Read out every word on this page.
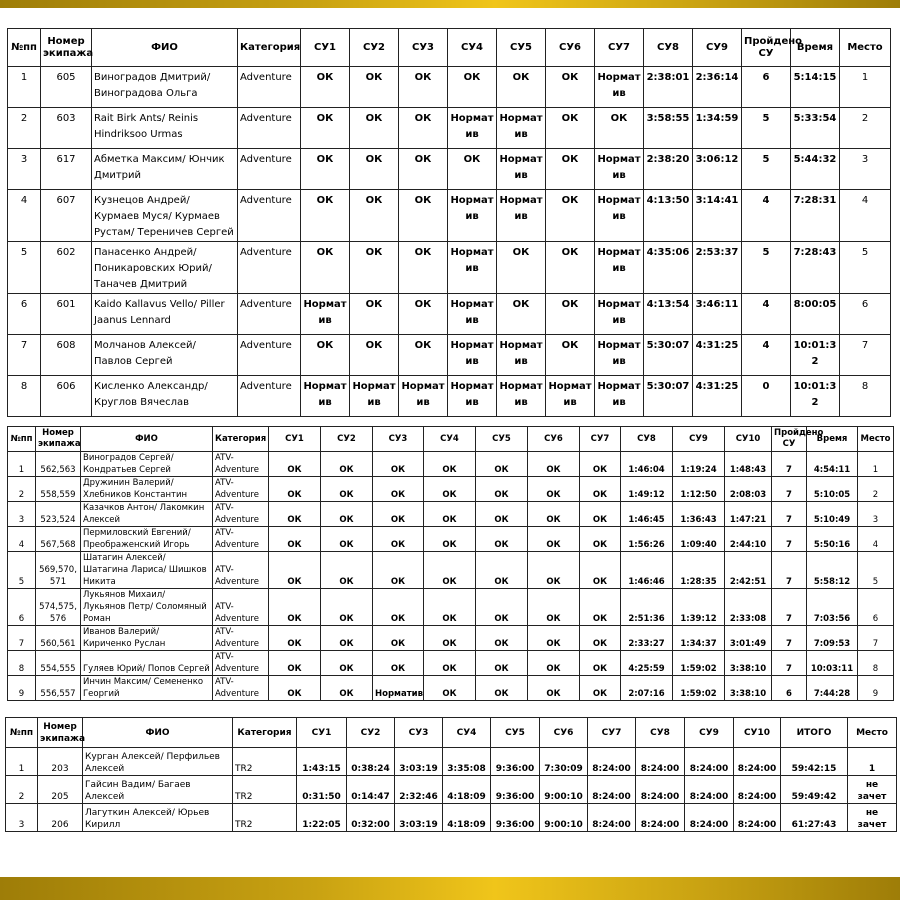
№пп	Номер экипажа	ФИО	Категория	СУ1	СУ2	СУ3	СУ4	СУ5	СУ6	СУ7	СУ8	СУ9	Пройдено СУ	Время	Место
1	605	Виноградов Дмитрий/ Виноградова Ольга	Adventure	ОК	ОК	ОК	ОК	ОК	ОК	Норматив	2:38:01	2:36:14	6	5:14:15	1
2	603	Rait Birk Ants/ Reinis Hindriksoo Urmas	Adventure	ОК	ОК	ОК	Норматив	Норматив	ОК	ОК	3:58:55	1:34:59	5	5:33:54	2
3	617	Абметка Максим/ Юнчик Дмитрий	Adventure	ОК	ОК	ОК	ОК	Норматив	ОК	Норматив	2:38:20	3:06:12	5	5:44:32	3
4	607	Кузнецов Андрей/ Курмаев Муся/ Курмаев Рустам/ Тереничев Сергей	Adventure	ОК	ОК	ОК	Норматив	Норматив	ОК	Норматив	4:13:50	3:14:41	4	7:28:31	4
5	602	Панасенко Андрей/ Поникаровских Юрий/ Таначев Дмитрий	Adventure	ОК	ОК	ОК	Норматив	ОК	ОК	Норматив	4:35:06	2:53:37	5	7:28:43	5
6	601	Kaido Kallavus Vello/ Piller Jaanus Lennard	Adventure	Норматив	ОК	ОК	Норматив	ОК	ОК	Норматив	4:13:54	3:46:11	4	8:00:05	6
7	608	Молчанов Алексей/ Павлов Сергей	Adventure	ОК	ОК	ОК	Норматив	Норматив	ОК	Норматив	5:30:07	4:31:25	4	10:01:32	7
8	606	Кисленко Александр/ Круглов Вячеслав	Adventure	Норматив	Норматив	Норматив	Норматив	Норматив	Норматив	Норматив	5:30:07	4:31:25	0	10:01:32	8
№пп	Номер экипажа	ФИО	Категория	СУ1	СУ2	СУ3	СУ4	СУ5	СУ6	СУ7	СУ8	СУ9	СУ10	Пройдено СУ	Время	Место
1	562,563	Виноградов Сергей/ Кондратьев Сергей	ATV-Adventure	ОК	ОК	ОК	ОК	ОК	ОК	ОК	1:46:04	1:19:24	1:48:43	7	4:54:11	1
2	558,559	Дружинин Валерий/ Хлебников Константин	ATV-Adventure	ОК	ОК	ОК	ОК	ОК	ОК	ОК	1:49:12	1:12:50	2:08:03	7	5:10:05	2
3	523,524	Казачков Антон/ Лакомкин Алексей	ATV-Adventure	ОК	ОК	ОК	ОК	ОК	ОК	ОК	1:46:45	1:36:43	1:47:21	7	5:10:49	3
4	567,568	Пермиловский Евгений/ Преображенский Игорь	ATV-Adventure	ОК	ОК	ОК	ОК	ОК	ОК	ОК	1:56:26	1:09:40	2:44:10	7	5:50:16	4
5	569,570,571	Шатагин Алексей/ Шатагина Лариса/ Шишков Никита	ATV-Adventure	ОК	ОК	ОК	ОК	ОК	ОК	ОК	1:46:46	1:28:35	2:42:51	7	5:58:12	5
6	574,575,576	Лукьянов Михаил/ Лукьянов Петр/ Соломяный Роман	ATV-Adventure	ОК	ОК	ОК	ОК	ОК	ОК	ОК	2:51:36	1:39:12	2:33:08	7	7:03:56	6
7	560,561	Иванов Валерий/ Кириченко Руслан	ATV-Adventure	ОК	ОК	ОК	ОК	ОК	ОК	ОК	2:33:27	1:34:37	3:01:49	7	7:09:53	7
8	554,555	Гуляев Юрий/ Попов Сергей	ATV-Adventure	ОК	ОК	ОК	ОК	ОК	ОК	ОК	4:25:59	1:59:02	3:38:10	7	10:03:11	8
9	556,557	Инчин Максим/ Семененко Георгий	ATV-Adventure	ОК	ОК	Норматив	ОК	ОК	ОК	ОК	2:07:16	1:59:02	3:38:10	6	7:44:28	9
№пп	Номер экипажа	ФИО	Категория	СУ1	СУ2	СУ3	СУ4	СУ5	СУ6	СУ7	СУ8	СУ9	СУ10	ИТОГО	Место
1	203	Курган Алексей/ Перфильев Алексей	TR2	1:43:15	0:38:24	3:03:19	3:35:08	9:36:00	7:30:09	8:24:00	8:24:00	8:24:00	8:24:00	59:42:15	1
2	205	Гайсин Вадим/ Багаев Алексей	TR2	0:31:50	0:14:47	2:32:46	4:18:09	9:36:00	9:00:10	8:24:00	8:24:00	8:24:00	8:24:00	59:49:42	не зачет
3	206	Лагуткин Алексей/ Юрьев Кирилл	TR2	1:22:05	0:32:00	3:03:19	4:18:09	9:36:00	9:00:10	8:24:00	8:24:00	8:24:00	8:24:00	61:27:43	не зачет
